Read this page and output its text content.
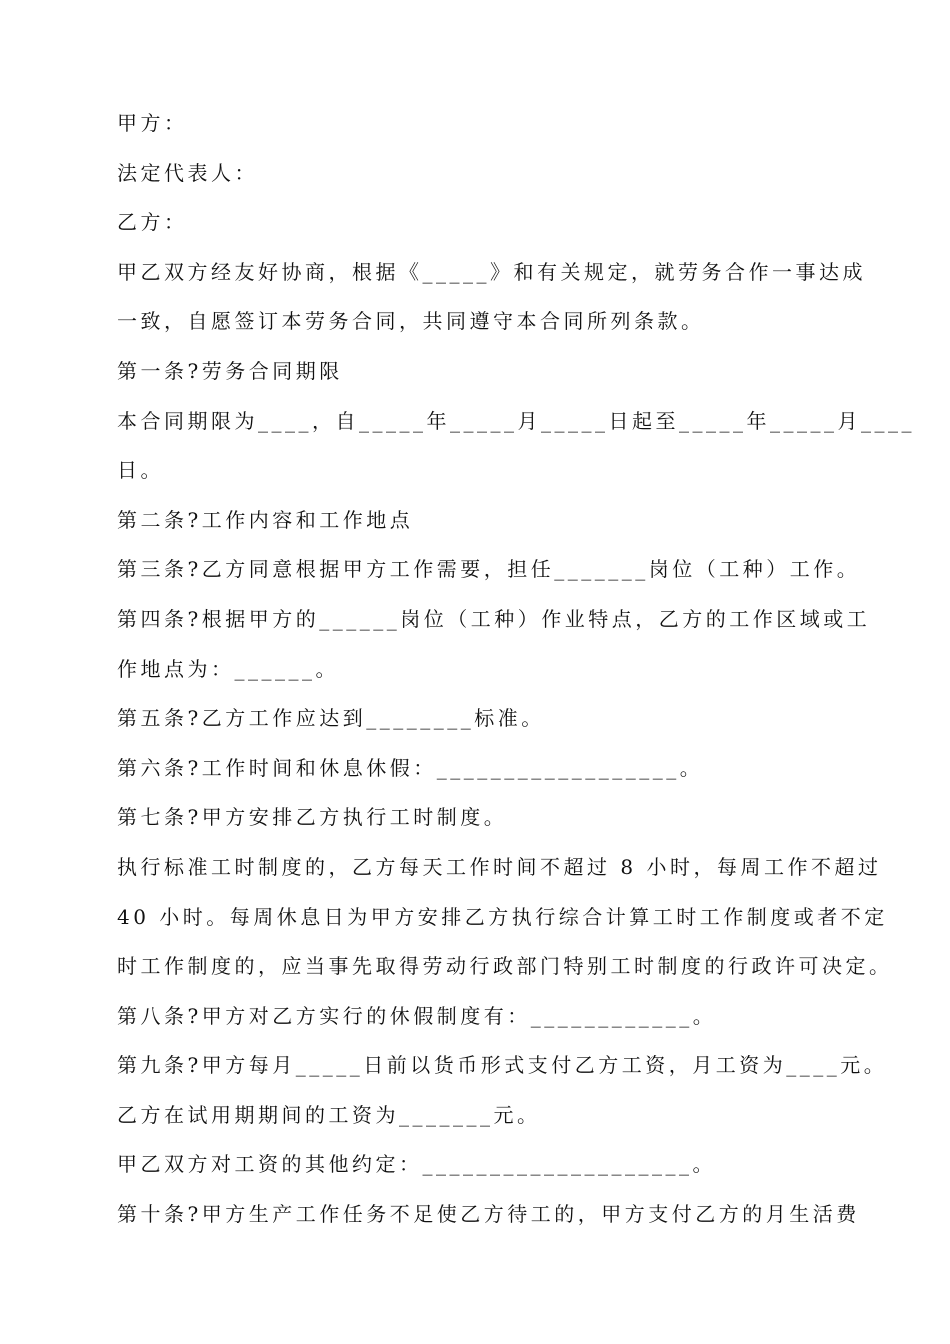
甲方：
法定代表人：
乙方：
甲乙双方经友好协商，根据《_____》和有关规定，就劳务合作一事达成
一致，自愿签订本劳务合同，共同遵守本合同所列条款。
第一条?劳务合同期限
本合同期限为____，自_____年_____月_____日起至_____年_____月____
日。
第二条?工作内容和工作地点
第三条?乙方同意根据甲方工作需要，担任_______岗位（工种）工作。
第四条?根据甲方的______岗位（工种）作业特点，乙方的工作区域或工
作地点为：______。
第五条?乙方工作应达到________标准。
第六条?工作时间和休息休假：__________________。
第七条?甲方安排乙方执行工时制度。
执行标准工时制度的，乙方每天工作时间不超过 8 小时，每周工作不超过
40 小时。每周休息日为甲方安排乙方执行综合计算工时工作制度或者不定
时工作制度的，应当事先取得劳动行政部门特别工时制度的行政许可决定。
第八条?甲方对乙方实行的休假制度有：____________。
第九条?甲方每月_____日前以货币形式支付乙方工资，月工资为____元。
乙方在试用期期间的工资为_______元。
甲乙双方对工资的其他约定：____________________。
第十条?甲方生产工作任务不足使乙方待工的，甲方支付乙方的月生活费
